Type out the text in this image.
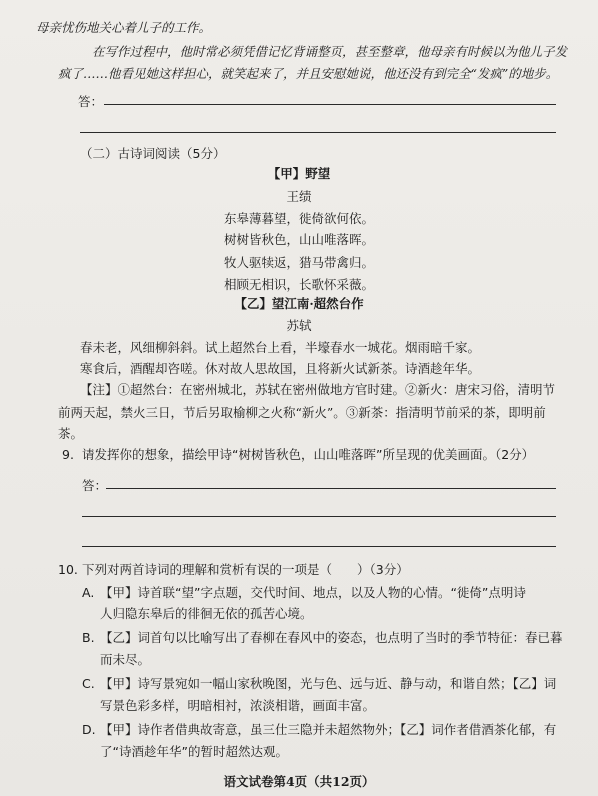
母亲忧伤地关心着儿子的工作。
在写作过程中，他时常必须凭借记忆背诵整页，甚至整章，他母亲有时候以为他儿子发
疯了……他看见她这样担心，就笑起来了，并且安慰她说，他还没有到完全“发疯”的地步。
答：
（二）古诗词阅读（5分）
【甲】野望
王绩
东皋薄暮望，徙倚欲何依。
树树皆秋色，山山唯落晖。
牧人驱犊返，猎马带禽归。
相顾无相识，长歌怀采薇。
【乙】望江南·超然台作
苏轼
春未老，风细柳斜斜。试上超然台上看，半壕春水一城花。烟雨暗千家。
寒食后，酒醒却咨嗟。休对故人思故国，且将新火试新茶。诗酒趁年华。
【注】①超然台：在密州城北，苏轼在密州做地方官时建。②新火：唐宋习俗，清明节
前两天起，禁火三日，节后另取榆柳之火称“新火”。③新茶：指清明节前采的茶，即明前
茶。
9. 请发挥你的想象，描绘甲诗“树树皆秋色，山山唯落晖”所呈现的优美画面。（2分）
答：
10. 下列对两首诗词的理解和赏析有误的一项是（　　）（3分）
A. 【甲】诗首联“望”字点题，交代时间、地点，以及人物的心情。“徙倚”点明诗
人归隐东皋后的徘徊无依的孤苦心境。
B. 【乙】词首句以比喻写出了春柳在春风中的姿态，也点明了当时的季节特征：春已暮
而未尽。
C. 【甲】诗写景宛如一幅山家秋晚图，光与色、远与近、静与动，和谐自然；【乙】词
写景色彩多样，明暗相衬，浓淡相谐，画面丰富。
D. 【甲】诗作者借典故寄意，虽三仕三隐并未超然物外；【乙】词作者借酒茶化郁，有
了“诗酒趁年华”的暂时超然达观。
语文试卷第4页（共12页）
